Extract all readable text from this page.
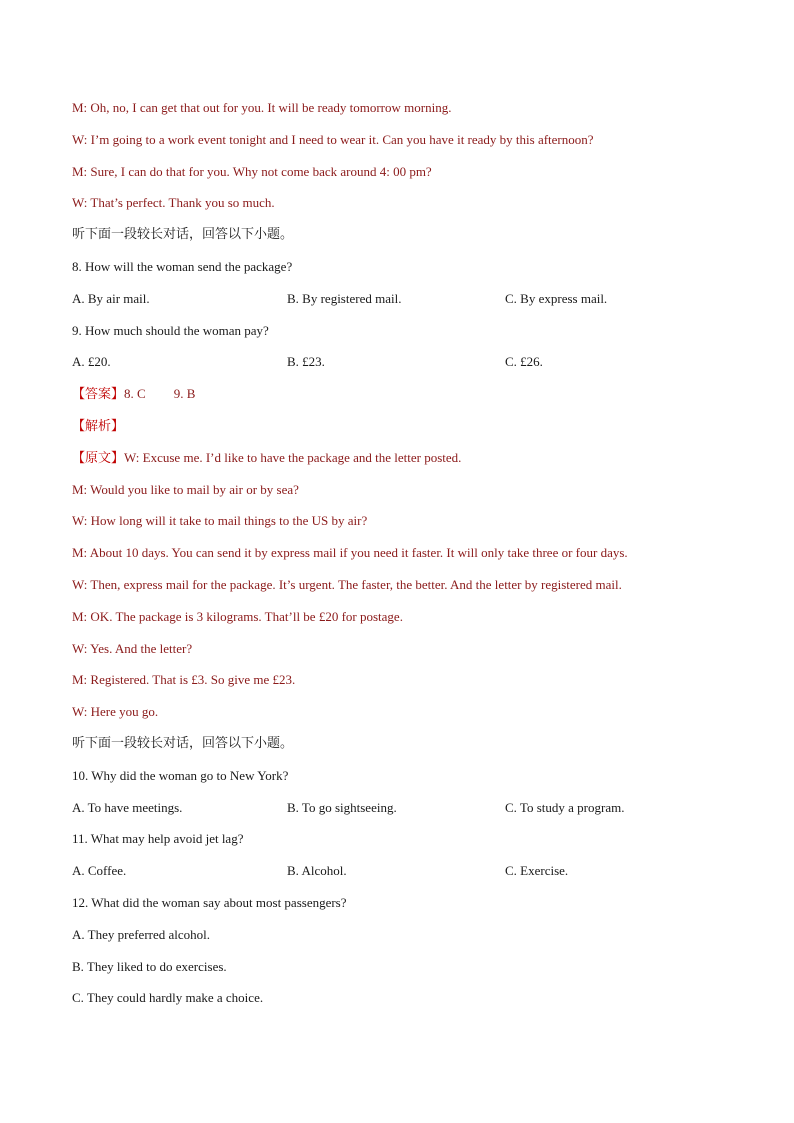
M: Oh, no, I can get that out for you. It will be ready tomorrow morning.
W: I’m going to a work event tonight and I need to wear it. Can you have it ready by this afternoon?
M: Sure, I can do that for you. Why not come back around 4: 00 pm?
W: That’s perfect. Thank you so much.
听下面一段较长对话，回答以下小题。
8. How will the woman send the package?
A. By air mail.	B. By registered mail.	C. By express mail.
9. How much should the woman pay?
A. £20.	B. £23.	C. £26.
【答案】8. C 9. B
【解析】
【原文】W: Excuse me. I’d like to have the package and the letter posted.
M: Would you like to mail by air or by sea?
W: How long will it take to mail things to the US by air?
M: About 10 days. You can send it by express mail if you need it faster. It will only take three or four days.
W: Then, express mail for the package. It’s urgent. The faster, the better. And the letter by registered mail.
M: OK. The package is 3 kilograms. That’ll be £20 for postage.
W: Yes. And the letter?
M: Registered. That is £3. So give me £23.
W: Here you go.
听下面一段较长对话，回答以下小题。
10. Why did the woman go to New York?
A. To have meetings.	B. To go sightseeing.	C. To study a program.
11. What may help avoid jet lag?
A. Coffee.	B. Alcohol.	C. Exercise.
12. What did the woman say about most passengers?
A. They preferred alcohol.
B. They liked to do exercises.
C. They could hardly make a choice.
